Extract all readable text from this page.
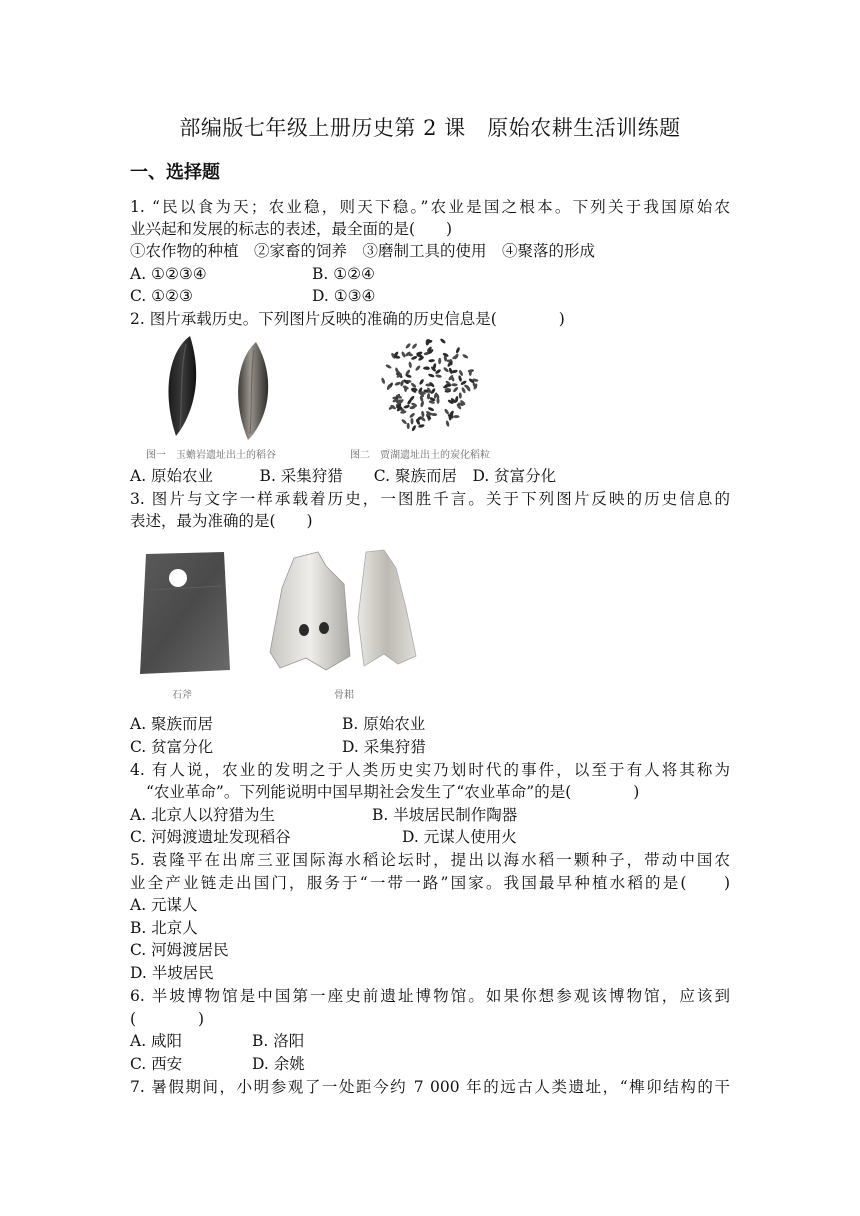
部编版七年级上册历史第 2 课　原始农耕生活训练题
一、选择题
1. “民以食为天；农业稳，则天下稳。”农业是国之根本。下列关于我国原始农
业兴起和发展的标志的表述，最全面的是(　　)
①农作物的种植　②家畜的饲养　③磨制工具的使用　④聚落的形成
A. ①②③④	B. ①②④
C. ①②③	D. ①③④
2. 图片承载历史。下列图片反映的准确的历史信息是(　　　　)
图一　玉蟾岩遗址出土的稻谷	图二　贾湖遗址出土的炭化稻粒
A. 原始农业　　　B. 采集狩猎　　C. 聚族而居　D. 贫富分化
3. 图片与文字一样承载着历史，一图胜千言。关于下列图片反映的历史信息的
表述，最为准确的是(　　)
石斧	骨耜
A. 聚族而居	B. 原始农业
C. 贫富分化	D. 采集狩猎
4. 有人说，农业的发明之于人类历史实乃划时代的事件，以至于有人将其称为
“农业革命”。下列能说明中国早期社会发生了“农业革命”的是(　　　　)
A. 北京人以狩猎为生	B. 半坡居民制作陶器
C. 河姆渡遗址发现稻谷	D. 元谋人使用火
5. 袁隆平在出席三亚国际海水稻论坛时，提出以海水稻一颗种子，带动中国农
业全产业链走出国门，服务于“一带一路”国家。我国最早种植水稻的是(　　)
A. 元谋人
B. 北京人
C. 河姆渡居民
D. 半坡居民
6. 半坡博物馆是中国第一座史前遗址博物馆。如果你想参观该博物馆，应该到
(　　　　)
A. 咸阳	B. 洛阳
C. 西安	D. 余姚
7. 暑假期间，小明参观了一处距今约 7 000 年的远古人类遗址，“榫卯结构的干
